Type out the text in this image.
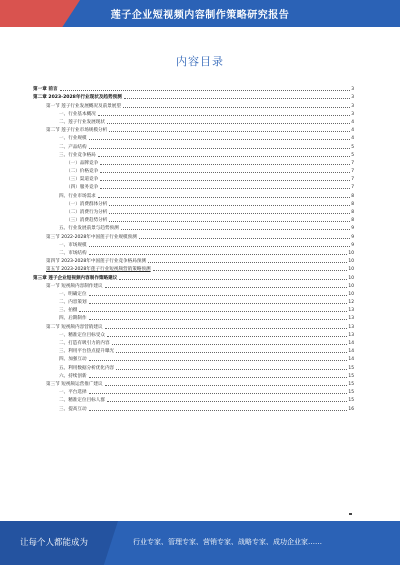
莲子企业短视频内容制作策略研究报告
内容目录
第一章 前言	3
第二章 2023-2028年行业现状及趋势预测	3
第一节 莲子行业发展概况及前景展望	3
一、行业基本概况	3
二、莲子行业发展现状	4
第二节 莲子行业市场规模分析	4
一、行业规模	4
二、产品结构	5
三、行业竞争格局	5
（一）品牌竞争	7
（二）价格竞争	7
（三）渠道竞争	7
（四）服务竞争	7
四、行业市场需求	8
（一）消费群体分析	8
（二）消费行为分析	8
（三）消费趋势分析	8
五、行业发展前景与趋势预测	9
第三节 2022-2028年中国莲子行业规模预测	9
一、市场规模	9
二、市场结构	10
第四节 2023-2028年中国莲子行业竞争格局预测	10
第五节 2023-2028年莲子行业短视频营销策略预测	10
第三章 莲子企业短视频内容制作策略建议	10
第一节 短视频内容制作建议	10
一、明确定位	10
二、内容策划	12
三、拍摄	13
四、后期制作	13
第二节 短视频内容营销建议	13
一、精准定位目标受众	13
二、打造有吸引力的内容	14
三、利用平台热点提升曝光	14
四、加强互动	14
五、利用数据分析优化内容	15
六、持续创新	15
第三节 短视频运营推广建议	15
一、平台选择	15
二、精准定位目标人群	15
三、提高互动	16
让每个人都能成为	行业专家、管理专家、营销专家、战略专家、成功企业家……
